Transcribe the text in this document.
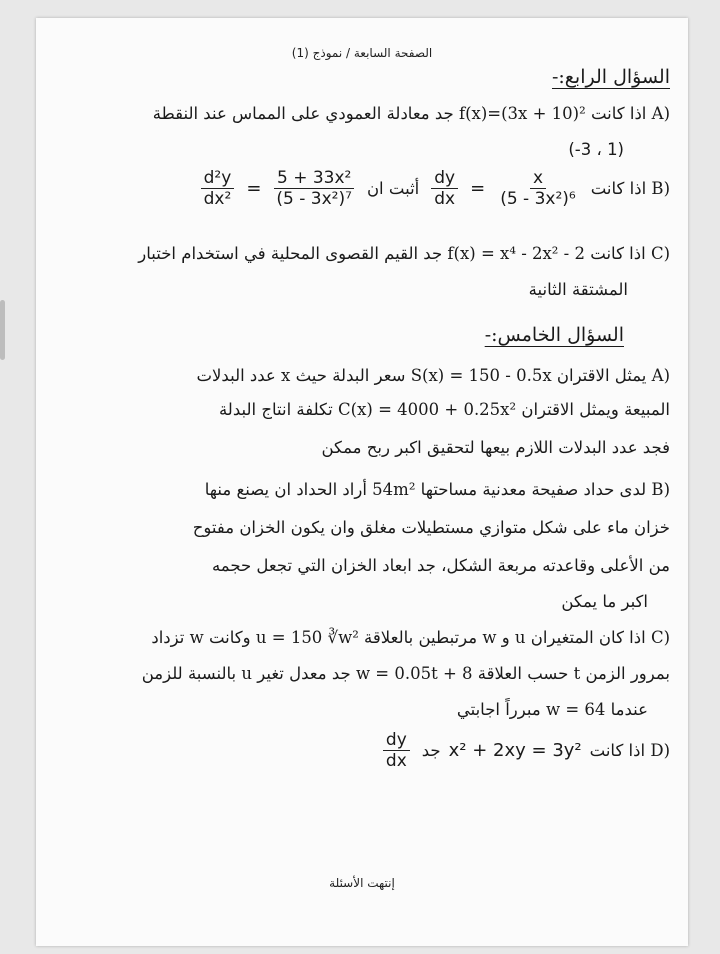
الصفحة السابعة / نموذج (1)
السؤال الرابع:-
(A اذا كانت f(x)=(3x + 10)² جد معادلة العمودي على المماس عند النقطة
(-3 ، 1)
(B اذا كانت
$\frac{x}{\text{(5 - 3x²)⁶}}$
=
$\frac{dy}{dx}$
أثبت ان
$\frac{\text{5 + 33x²}}{\text{(5 - 3x²)⁷}}$
=
$\frac{\text{d²y}}{\text{dx²}}$
(C اذا كانت f(x) = x⁴ - 2x² - 2 جد القيم القصوى المحلية في استخدام اختبار
المشتقة الثانية
السؤال الخامس:-
(A يمثل الاقتران S(x) = 150 - 0.5x سعر البدلة حيث x عدد البدلات
المبيعة ويمثل الاقتران C(x) = 4000 + 0.25x² تكلفة انتاج البدلة
فجد عدد البدلات اللازم بيعها لتحقيق اكبر ربح ممكن
(B لدى حداد صفيحة معدنية مساحتها 54m² أراد الحداد ان يصنع منها
خزان ماء على شكل متوازي مستطيلات مغلق وان يكون الخزان مفتوح
من الأعلى وقاعدته مربعة الشكل، جد ابعاد الخزان التي تجعل حجمه
اكبر ما يمكن
(C اذا كان المتغيران u و w مرتبطين بالعلاقة u = 150 ∛w² وكانت w تزداد
بمرور الزمن t حسب العلاقة w = 0.05t + 8 جد معدل تغير u بالنسبة للزمن
عندما w = 64 مبرراً اجابتي
(D اذا كانت
x² + 2xy = 3y²
جد
$\frac{dy}{dx}$
إنتهت الأسئلة
